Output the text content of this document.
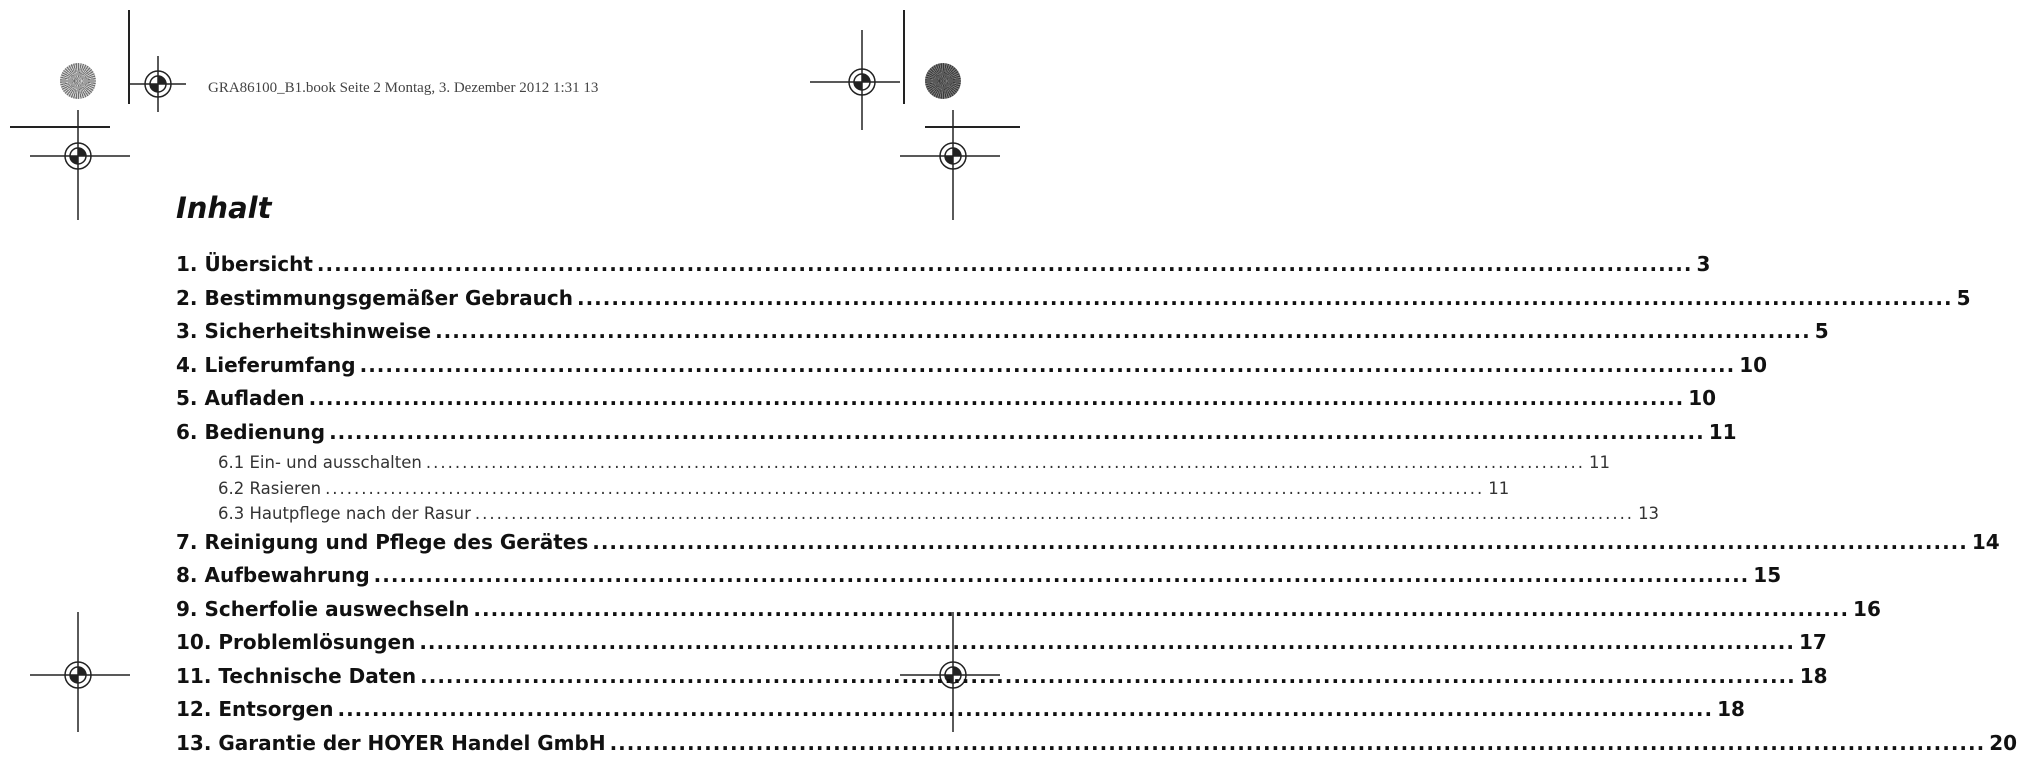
GRA86100_B1.book Seite 2 Montag, 3. Dezember 2012 1:31 13
Inhalt
1. Übersicht ................................................................................................................................................................ 3
2. Bestimmungsgemäßer Gebrauch ................................................................................................................................................................ 5
3. Sicherheitshinweise ................................................................................................................................................................ 5
4. Lieferumfang ................................................................................................................................................................ 10
5. Aufladen ................................................................................................................................................................ 10
6. Bedienung ................................................................................................................................................................ 11
6.1 Ein- und ausschalten ................................................................................................................................................................ 11
6.2 Rasieren ................................................................................................................................................................ 11
6.3 Hautpflege nach der Rasur ................................................................................................................................................................ 13
7. Reinigung und Pflege des Gerätes ................................................................................................................................................................ 14
8. Aufbewahrung ................................................................................................................................................................ 15
9. Scherfolie auswechseln ................................................................................................................................................................ 16
10. Problemlösungen ................................................................................................................................................................ 17
11. Technische Daten ................................................................................................................................................................ 18
12. Entsorgen ................................................................................................................................................................ 18
13. Garantie der HOYER Handel GmbH ................................................................................................................................................................ 20
